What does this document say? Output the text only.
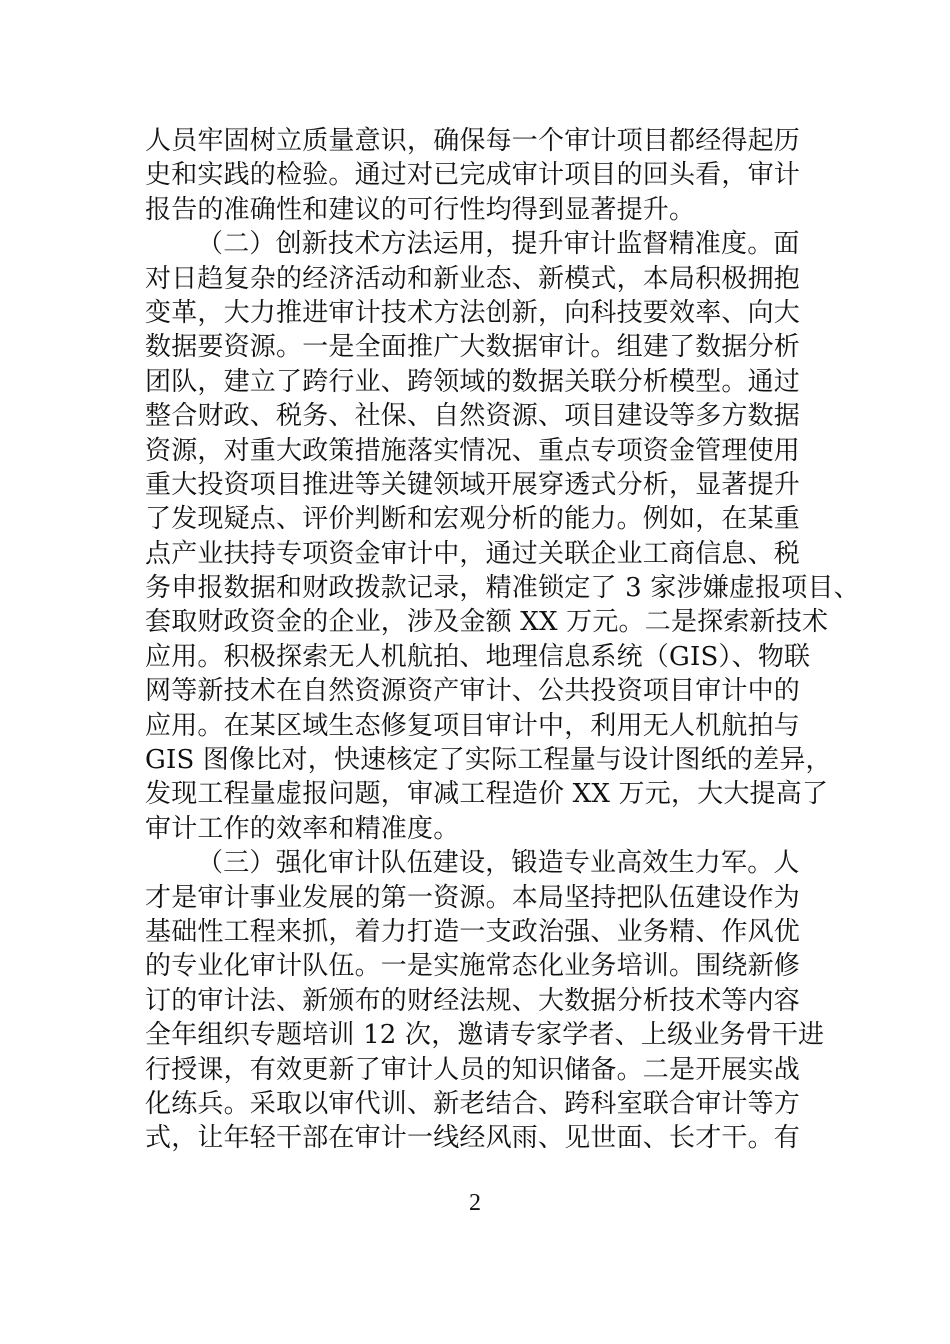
人员牢固树立质量意识，确保每一个审计项目都经得起历
史和实践的检验。通过对已完成审计项目的回头看，审计
报告的准确性和建议的可行性均得到显著提升。
（二）创新技术方法运用，提升审计监督精准度。面
对日趋复杂的经济活动和新业态、新模式，本局积极拥抱
变革，大力推进审计技术方法创新，向科技要效率、向大
数据要资源。一是全面推广大数据审计。组建了数据分析
团队，建立了跨行业、跨领域的数据关联分析模型。通过
整合财政、税务、社保、自然资源、项目建设等多方数据
资源，对重大政策措施落实情况、重点专项资金管理使用
重大投资项目推进等关键领域开展穿透式分析，显著提升
了发现疑点、评价判断和宏观分析的能力。例如，在某重
点产业扶持专项资金审计中，通过关联企业工商信息、税
务申报数据和财政拨款记录，精准锁定了 3 家涉嫌虚报项目、
套取财政资金的企业，涉及金额 XX 万元。二是探索新技术
应用。积极探索无人机航拍、地理信息系统（GIS）、物联
网等新技术在自然资源资产审计、公共投资项目审计中的
应用。在某区域生态修复项目审计中，利用无人机航拍与
GIS 图像比对，快速核定了实际工程量与设计图纸的差异，
发现工程量虚报问题，审减工程造价 XX 万元，大大提高了
审计工作的效率和精准度。
（三）强化审计队伍建设，锻造专业高效生力军。人
才是审计事业发展的第一资源。本局坚持把队伍建设作为
基础性工程来抓，着力打造一支政治强、业务精、作风优
的专业化审计队伍。一是实施常态化业务培训。围绕新修
订的审计法、新颁布的财经法规、大数据分析技术等内容
全年组织专题培训 12 次，邀请专家学者、上级业务骨干进
行授课，有效更新了审计人员的知识储备。二是开展实战
化练兵。采取以审代训、新老结合、跨科室联合审计等方
式，让年轻干部在审计一线经风雨、见世面、长才干。有
2
